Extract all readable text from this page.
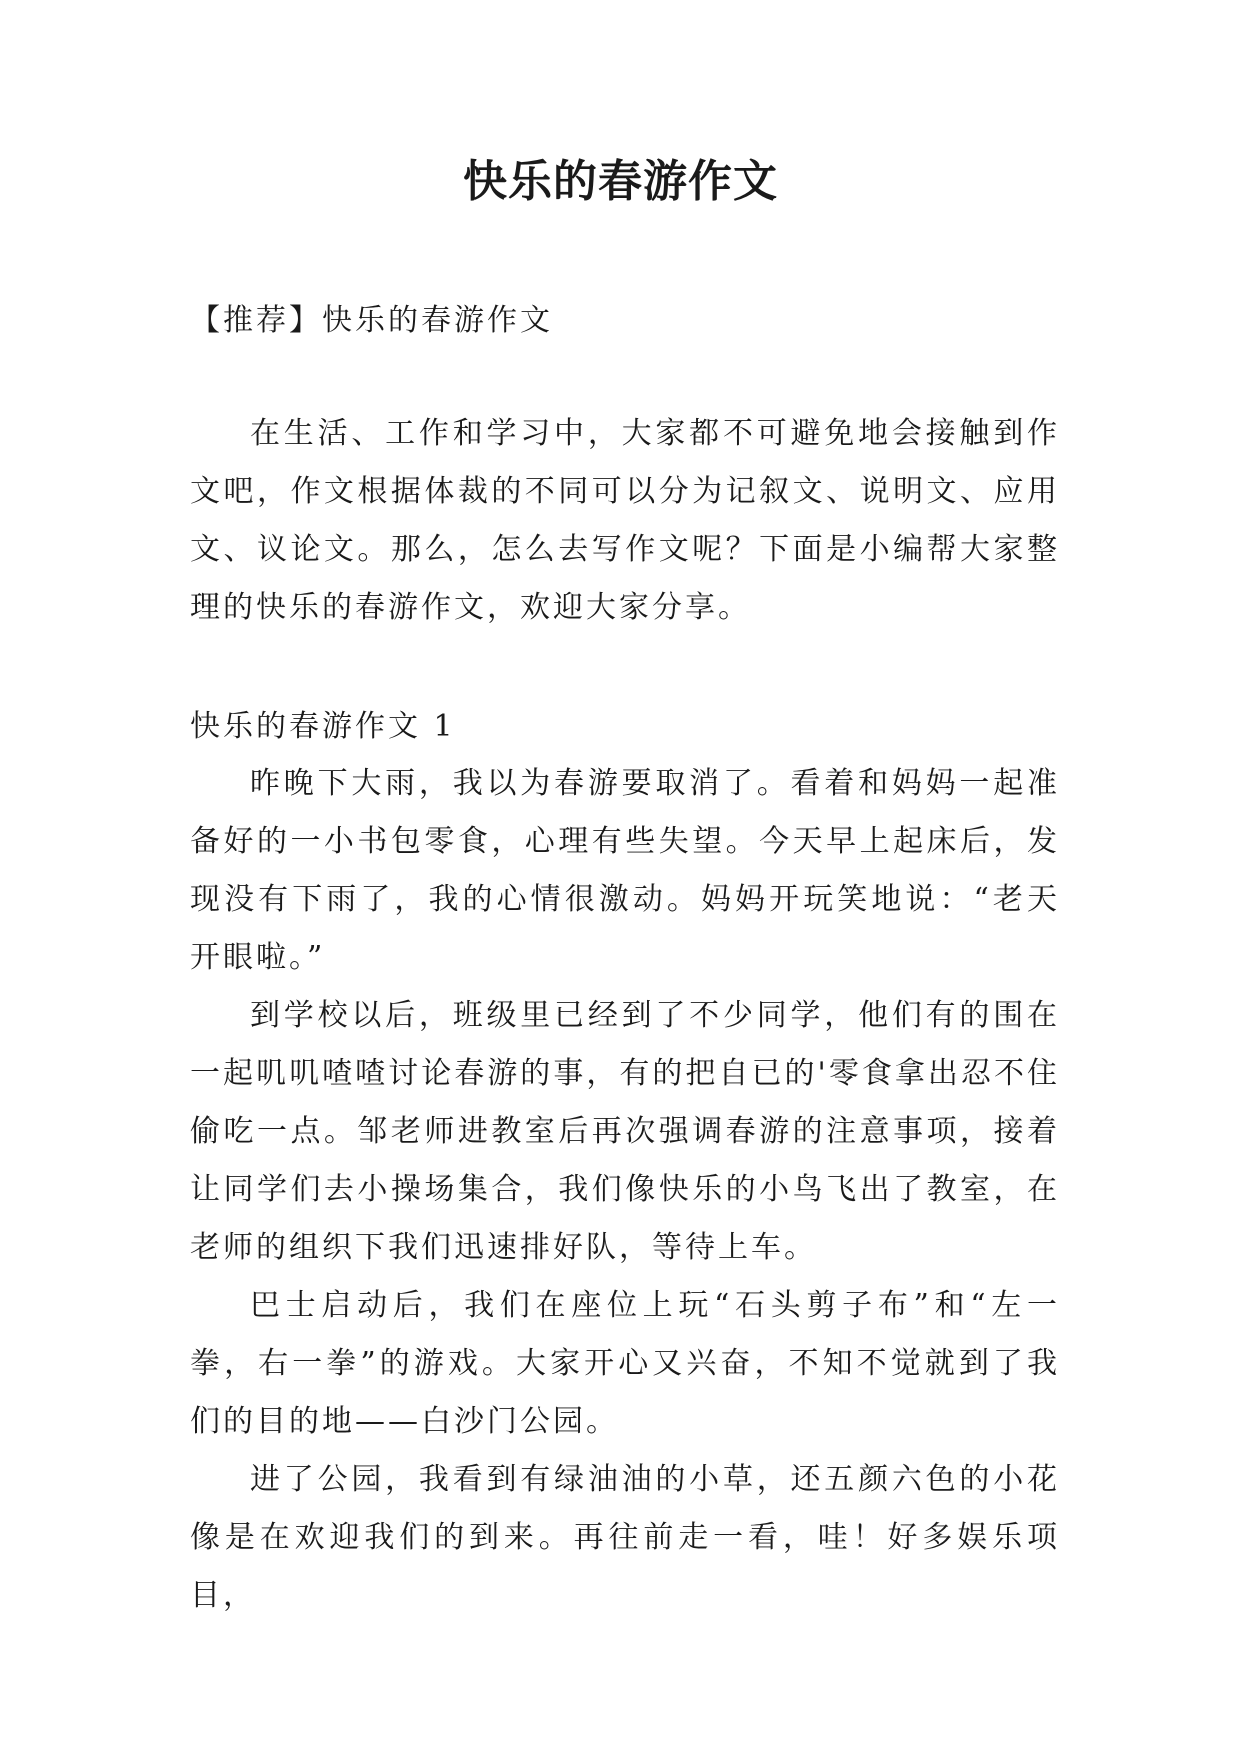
快乐的春游作文
【推荐】快乐的春游作文

在生活、工作和学习中，大家都不可避免地会接触到作文吧，作文根据体裁的不同可以分为记叙文、说明文、应用文、议论文。那么，怎么去写作文呢？下面是小编帮大家整理的快乐的春游作文，欢迎大家分享。

快乐的春游作文 1

昨晚下大雨，我以为春游要取消了。看着和妈妈一起准备好的一小书包零食，心理有些失望。今天早上起床后，发现没有下雨了，我的心情很激动。妈妈开玩笑地说：“老天开眼啦。”

到学校以后，班级里已经到了不少同学，他们有的围在一起叽叽喳喳讨论春游的事，有的把自已的'零食拿出忍不住偷吃一点。邹老师进教室后再次强调春游的注意事项，接着让同学们去小操场集合，我们像快乐的小鸟飞出了教室，在老师的组织下我们迅速排好队，等待上车。

巴士启动后，我们在座位上玩“石头剪子布”和“左一拳，右一拳”的游戏。大家开心又兴奋，不知不觉就到了我们的目的地——白沙门公园。

进了公园，我看到有绿油油的小草，还五颜六色的小花像是在欢迎我们的到来。再往前走一看，哇！好多娱乐项目，
